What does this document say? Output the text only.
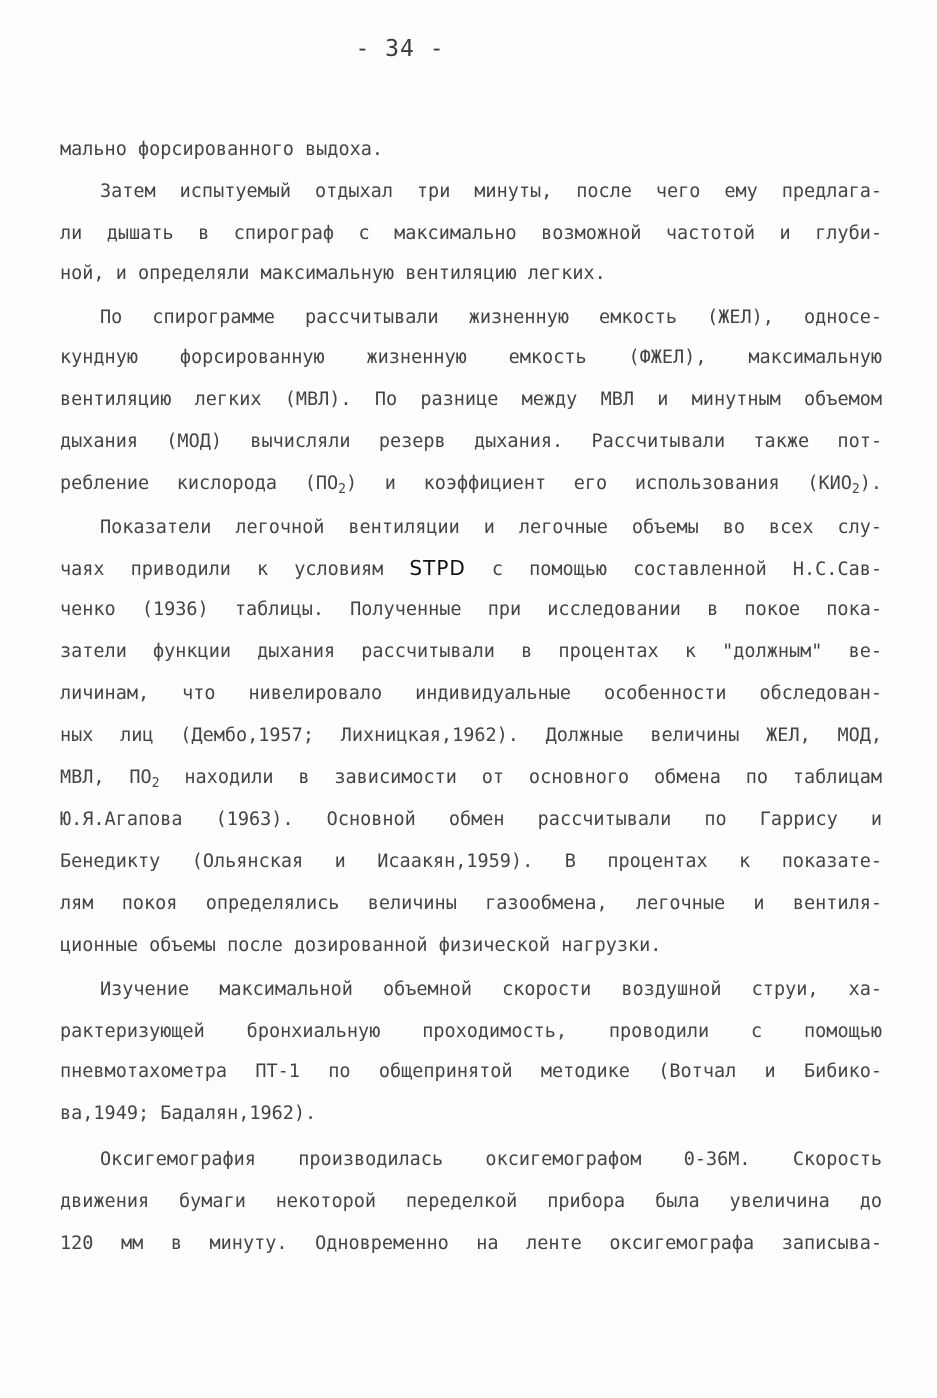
- 34 -
мально форсированного выдоха.
Затем испытуемый отдыхал три минуты, после чего ему предлага-
ли дышать в спирограф с максимально возможной частотой и глуби-
ной, и определяли максимальную вентиляцию легких.
По спирограмме рассчитывали жизненную емкость (ЖЕЛ), односе-
кундную форсированную жизненную емкость (ФЖЕЛ), максимальную
вентиляцию легких (МВЛ). По разнице между МВЛ и минутным объемом
дыхания (МОД) вычисляли резерв дыхания. Рассчитывали также пот-
ребление кислорода $(ПО_2)$ и коэффициент его использования $(КИО_2)$.
Показатели легочной вентиляции и легочные объемы во всех слу-
чаях приводили к условиям STPD с помощью составленной Н.С.Сав-
ченко (1936) таблицы. Полученные при исследовании в покое пока-
затели функции дыхания рассчитывали в процентах к "должным" ве-
личинам, что нивелировало индивидуальные особенности обследован-
ных лиц (Дембо,1957; Лихницкая,1962). Должные величины ЖЕЛ, МОД,
МВЛ, $ПО_2$ находили в зависимости от основного обмена по таблицам
Ю.Я.Агапова (1963). Основной обмен рассчитывали по Гаррису и
Бенедикту (Ольянская и Исаакян,1959). В процентах к показате-
лям покоя определялись величины газообмена, легочные и вентиля-
ционные объемы после дозированной физической нагрузки.
Изучение максимальной объемной скорости воздушной струи, ха-
рактеризующей бронхиальную проходимость, проводили с помощью
пневмотахометра ПТ-1 по общепринятой методике (Вотчал и Бибико-
ва,1949; Бадалян,1962).
Оксигемография производилась оксигемографом 0-36М. Скорость
движения бумаги некоторой переделкой прибора была увеличина до
120 мм в минуту. Одновременно на ленте оксигемографа записыва-
